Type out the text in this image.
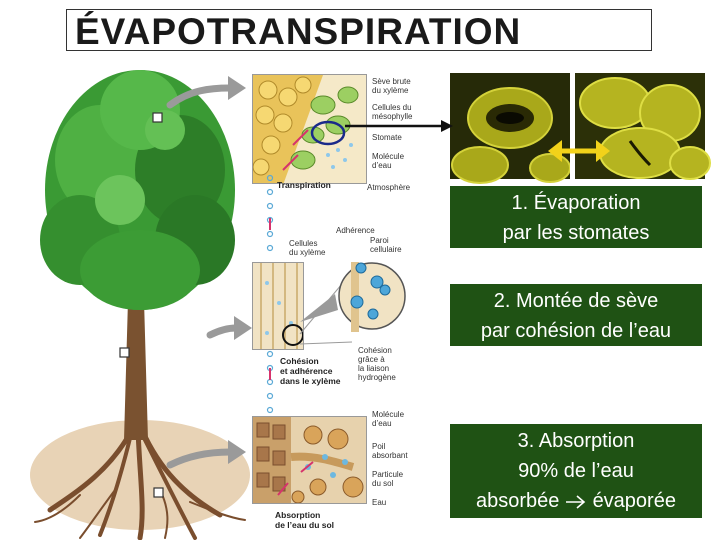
ÉVAPOTRANSPIRATION
Sève brute
du xylème
Cellules du
mésophylle
Stomate
Molécule
d’eau
Atmosphère
Transpiration
1. Évaporation
par les stomates
Adhérence
Paroi
cellulaire
Cellules
du xylème
Cohésion
et adhérence
dans le xylème
Cohésion
grâce à
la liaison
hydrogène
2. Montée de sève
par cohésion de l’eau
Molécule
d’eau
Poil
absorbant
Particule
du sol
Eau
Absorption
de l’eau du sol
3. Absorption
90% de l’eau
absorbée évaporée
